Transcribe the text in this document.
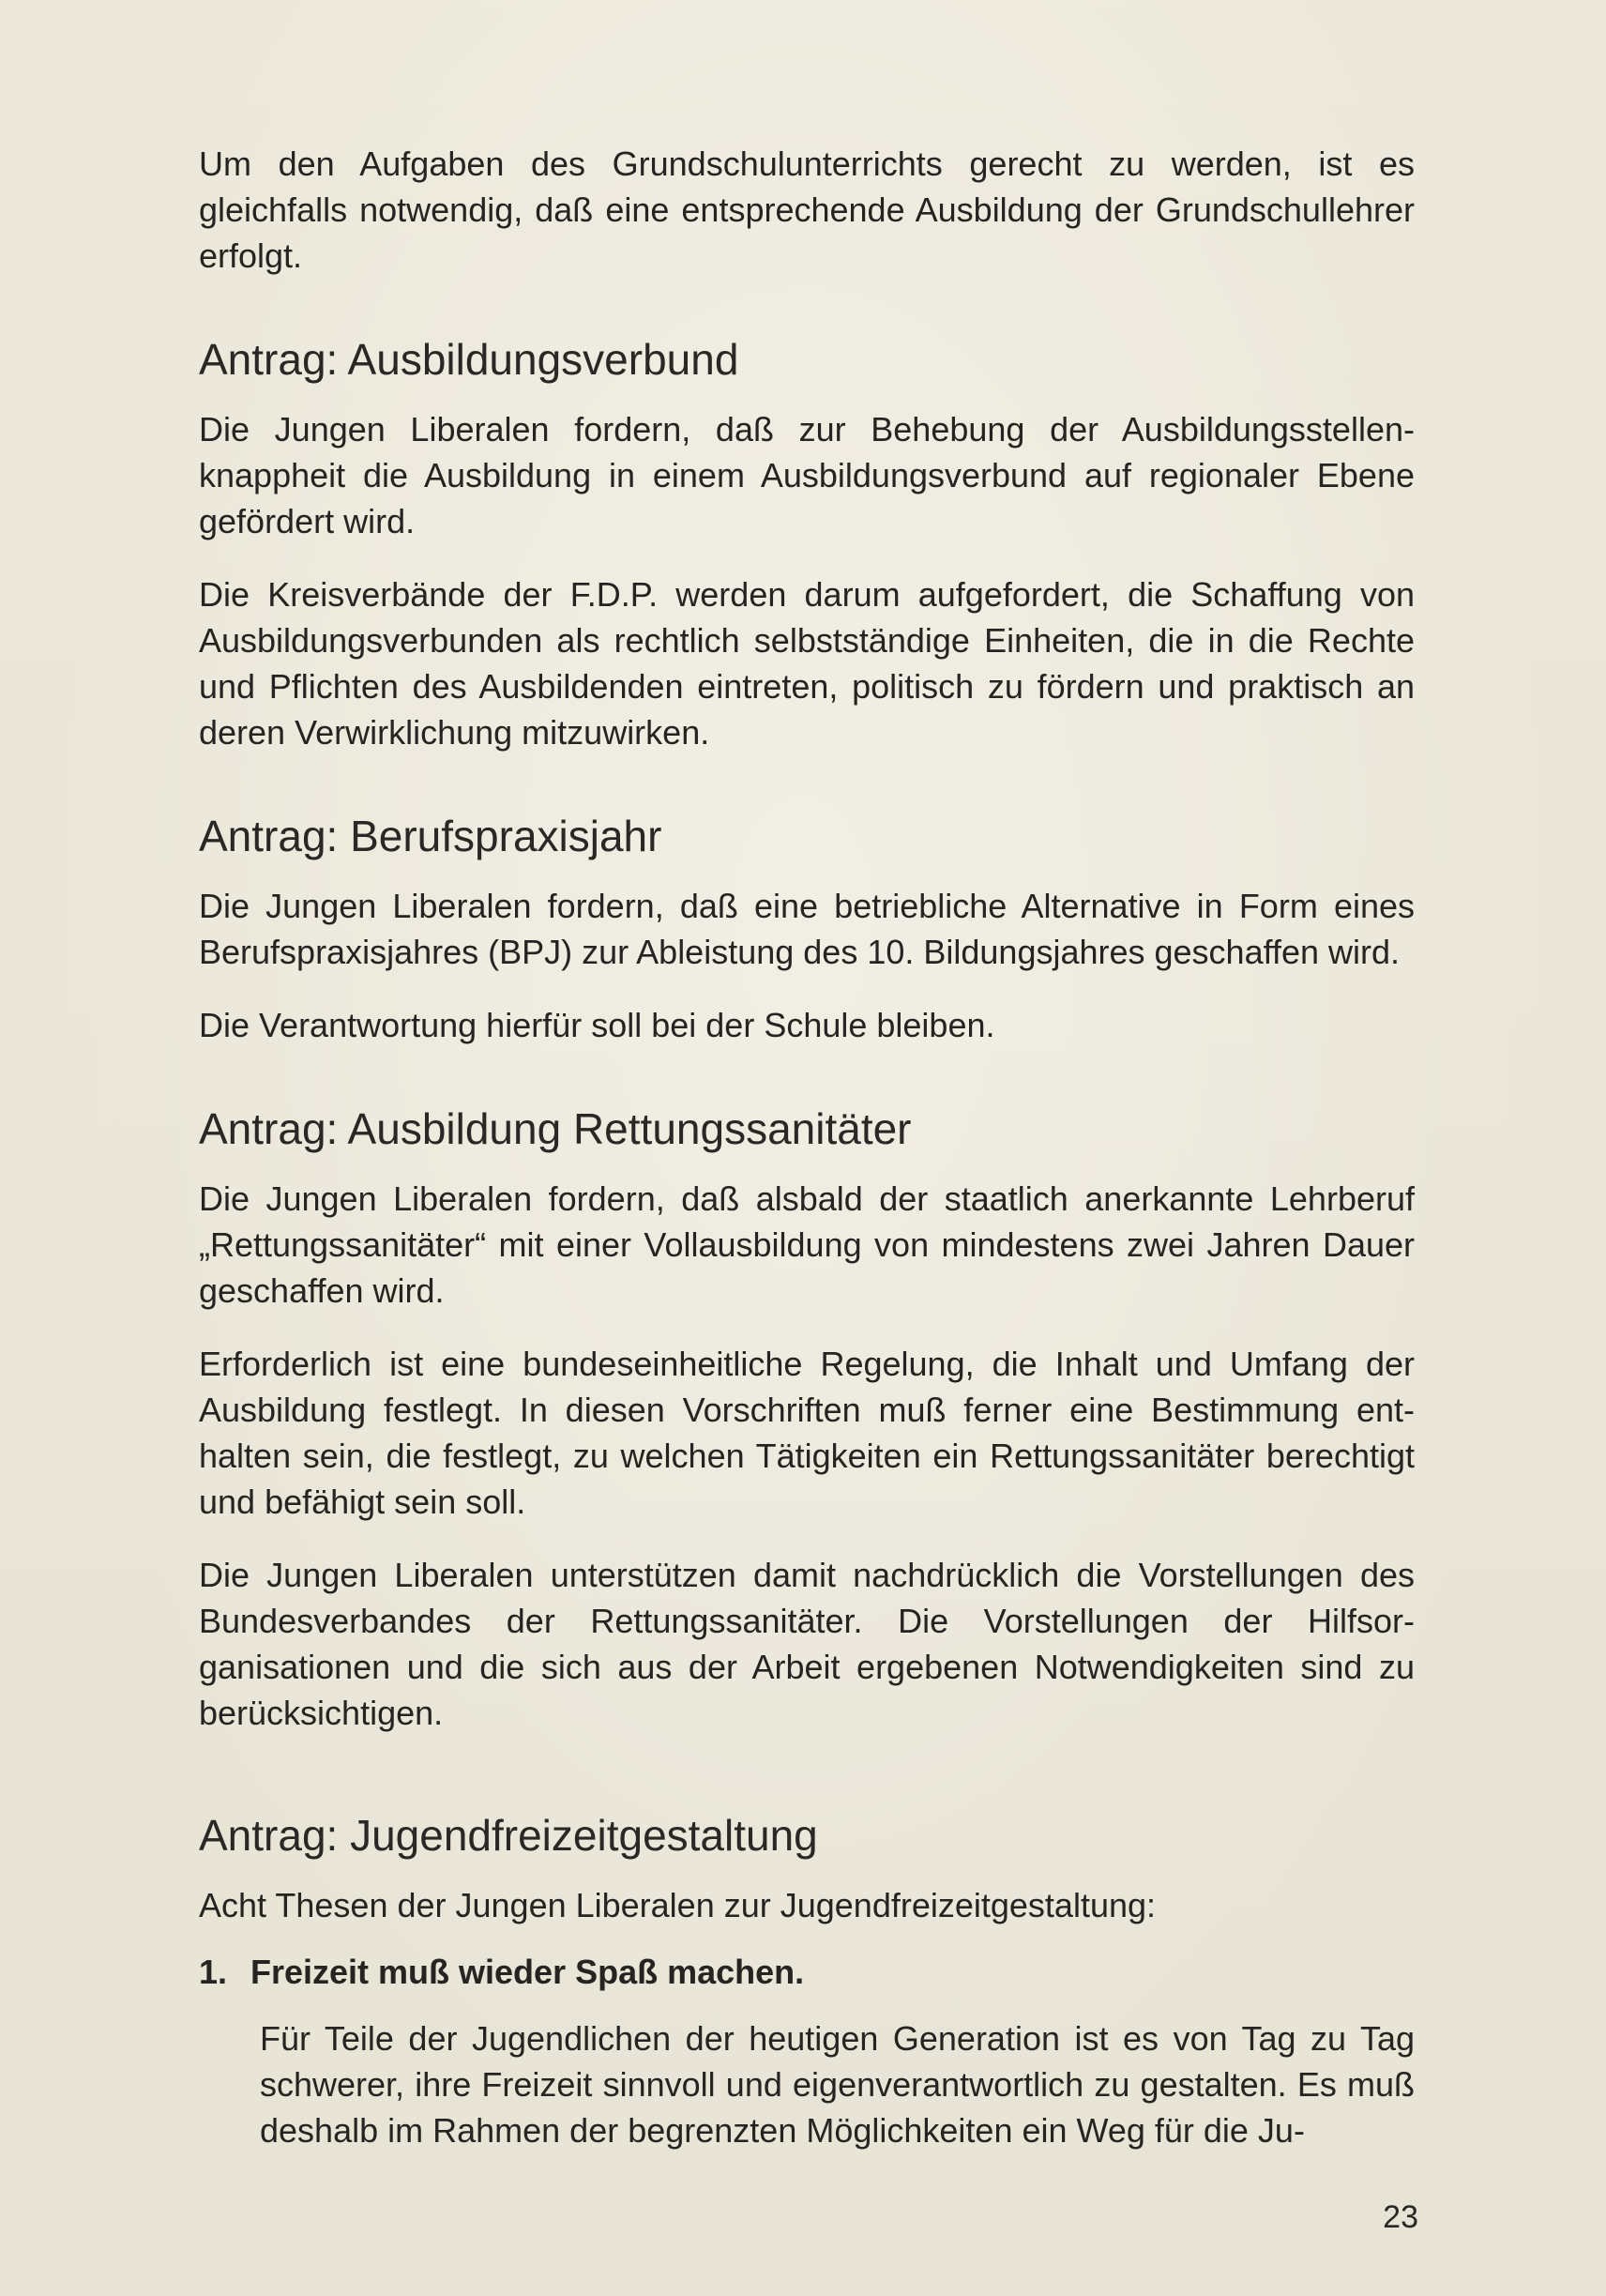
Um den Aufgaben des Grundschulunterrichts gerecht zu werden, ist es gleichfalls notwendig, daß eine entsprechende Ausbildung der Grundschullehrer erfolgt.

Antrag: Ausbildungsverbund

Die Jungen Liberalen fordern, daß zur Behebung der Ausbildungsstellenknappheit die Ausbildung in einem Ausbildungsverbund auf regionaler Ebene gefördert wird.

Die Kreisverbände der F.D.P. werden darum aufgefordert, die Schaffung von Ausbildungsverbunden als rechtlich selbstständige Einheiten, die in die Rechte und Pflichten des Ausbildenden eintreten, politisch zu fördern und praktisch an deren Verwirklichung mitzuwirken.

Antrag: Berufspraxisjahr

Die Jungen Liberalen fordern, daß eine betriebliche Alternative in Form eines Berufspraxisjahres (BPJ) zur Ableistung des 10. Bildungsjahres geschaffen wird.

Die Verantwortung hierfür soll bei der Schule bleiben.

Antrag: Ausbildung Rettungssanitäter

Die Jungen Liberalen fordern, daß alsbald der staatlich anerkannte Lehrberuf „Rettungssanitäter“ mit einer Vollausbildung von mindestens zwei Jahren Dauer geschaffen wird.

Erforderlich ist eine bundeseinheitliche Regelung, die Inhalt und Umfang der Ausbildung festlegt. In diesen Vorschriften muß ferner eine Bestimmung enthalten sein, die festlegt, zu welchen Tätigkeiten ein Rettungssanitäter berechtigt und befähigt sein soll.

Die Jungen Liberalen unterstützen damit nachdrücklich die Vorstellungen des Bundesverbandes der Rettungssanitäter. Die Vorstellungen der Hilfsorganisationen und die sich aus der Arbeit ergebenen Notwendigkeiten sind zu berücksichtigen.

Antrag: Jugendfreizeitgestaltung

Acht Thesen der Jungen Liberalen zur Jugendfreizeitgestaltung:

1. Freizeit muß wieder Spaß machen.

Für Teile der Jugendlichen der heutigen Generation ist es von Tag zu Tag schwerer, ihre Freizeit sinnvoll und eigenverantwortlich zu gestalten. Es muß deshalb im Rahmen der begrenzten Möglichkeiten ein Weg für die Ju-

23
